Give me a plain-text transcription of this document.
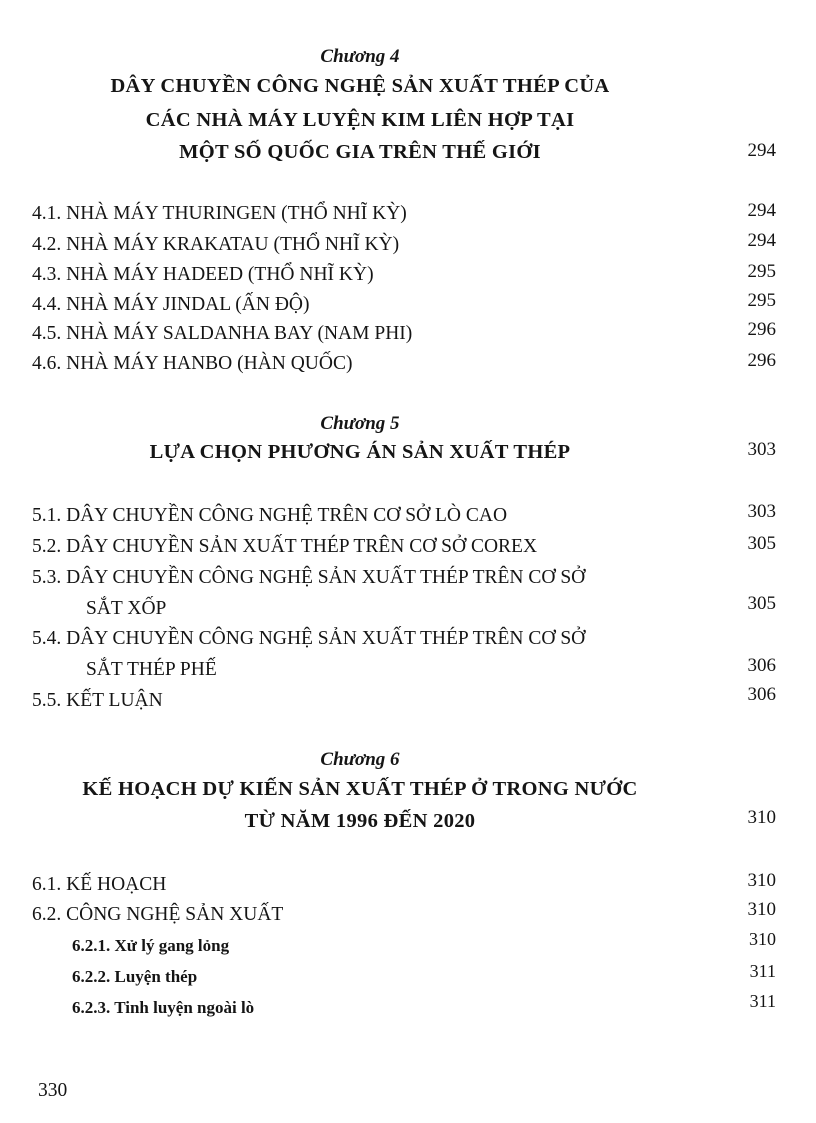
Chương 4
DÂY CHUYỀN CÔNG NGHỆ SẢN XUẤT THÉP CỦA
CÁC NHÀ MÁY LUYỆN KIM LIÊN HỢP TẠI
MỘT SỐ QUỐC GIA TRÊN THẾ GIỚI	294
4.1. NHÀ MÁY THURINGEN (THỔ NHĨ KỲ)	294
4.2. NHÀ MÁY KRAKATAU (THỔ NHĨ KỲ)	294
4.3. NHÀ MÁY HADEED (THỔ NHĨ KỲ)	295
4.4. NHÀ MÁY JINDAL (ẤN ĐỘ)	295
4.5. NHÀ MÁY SALDANHA BAY (NAM PHI)	296
4.6. NHÀ MÁY HANBO (HÀN QUỐC)	296
Chương 5
LỰA CHỌN PHƯƠNG ÁN SẢN XUẤT THÉP	303
5.1. DÂY CHUYỀN CÔNG NGHỆ TRÊN CƠ SỞ LÒ CAO	303
5.2. DÂY CHUYỀN SẢN XUẤT THÉP TRÊN CƠ SỞ COREX	305
5.3. DÂY CHUYỀN CÔNG NGHỆ SẢN XUẤT THÉP TRÊN CƠ SỞ
SẮT XỐP	305
5.4. DÂY CHUYỀN CÔNG NGHỆ SẢN XUẤT THÉP TRÊN CƠ SỞ
SẮT THÉP PHẾ	306
5.5. KẾT LUẬN	306
Chương 6
KẾ HOẠCH DỰ KIẾN SẢN XUẤT THÉP Ở TRONG NƯỚC
TỪ NĂM 1996 ĐẾN 2020	310
6.1. KẾ HOẠCH	310
6.2. CÔNG NGHỆ SẢN XUẤT	310
6.2.1. Xử lý gang lỏng	310
6.2.2. Luyện thép	311
6.2.3. Tinh luyện ngoài lò	311
330
